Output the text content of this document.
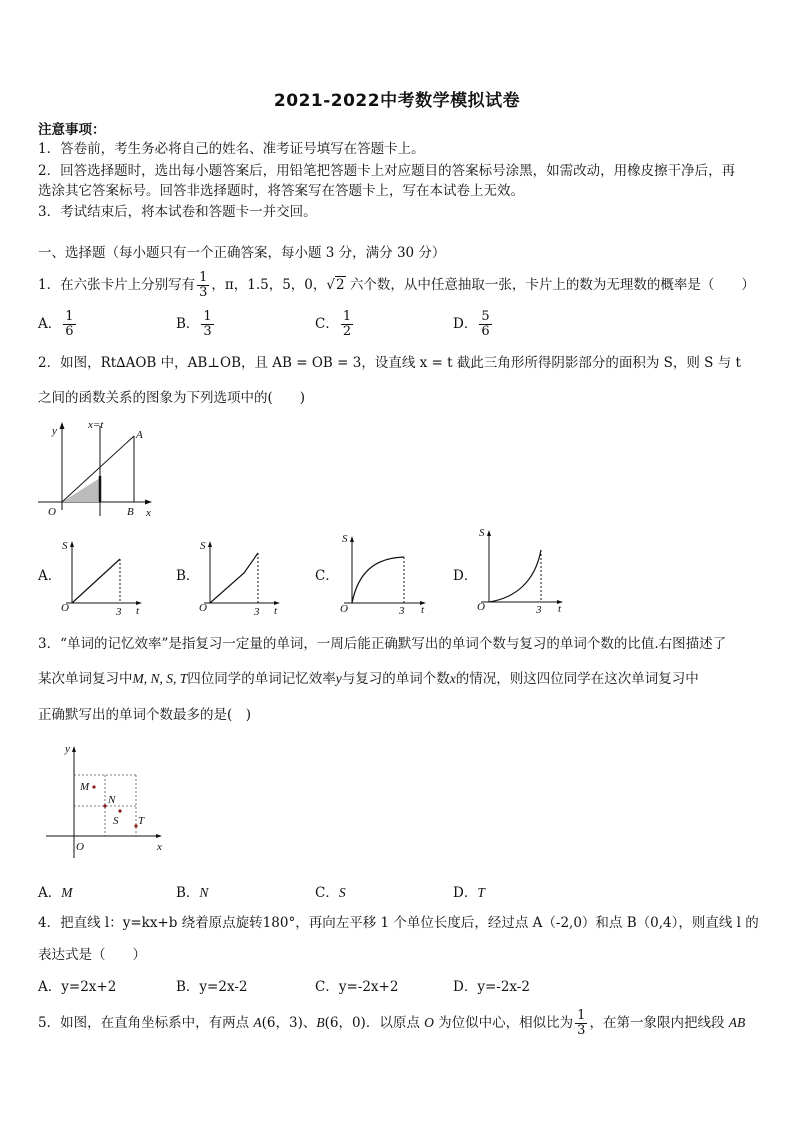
2021-2022中考数学模拟试卷
注意事项：
1．答卷前，考生务必将自己的姓名、准考证号填写在答题卡上。
2．回答选择题时，选出每小题答案后，用铅笔把答题卡上对应题目的答案标号涂黑，如需改动，用橡皮擦干净后，再
选涂其它答案标号。回答非选择题时，将答案写在答题卡上，写在本试卷上无效。
3．考试结束后，将本试卷和答题卡一并交回。
一、选择题（每小题只有一个正确答案，每小题 3 分，满分 30 分）
1．在六张卡片上分别写有 $\frac{1}{3}$ ，π，1.5，5，0，√2 六个数，从中任意抽取一张，卡片上的数为无理数的概率是（　　）
A． $\frac{1}{6}$	B． $\frac{1}{3}$	C． $\frac{1}{2}$	D． $\frac{5}{6}$
2．如图，Rt∆AOB 中，AB⊥OB，且 AB = OB = 3，设直线 x = t 截此三角形所得阴影部分的面积为 S，则 S 与 t
之间的函数关系的图象为下列选项中的(　　)
y	x=t
A
O	B x
A．
S
O	3 t
B．
S
O	3 t
C．
S
O	3 t
D．
S
O	3 t
3．“单词的记忆效率”是指复习一定量的单词，一周后能正确默写出的单词个数与复习的单词个数的比值.右图描述了
某次单词复习中M, N, S, T四位同学的单词记忆效率y与复习的单词个数x的情况，则这四位同学在这次单词复习中
正确默写出的单词个数最多的是(　)
y
M
N
S T
O	x
A．M	B．N	C．S	D．T
4．把直线 l：y=kx+b 绕着原点旋转180°，再向左平移 1 个单位长度后，经过点 A（-2,0）和点 B（0,4），则直线 l 的
表达式是（　　）
A．y=2x+2	B．y=2x-2	C．y=-2x+2	D．y=-2x-2
5．如图，在直角坐标系中，有两点 A(6，3)、B(6，0)．以原点 O 为位似中心，相似比为 $\frac{1}{3}$ ，在第一象限内把线段 AB
